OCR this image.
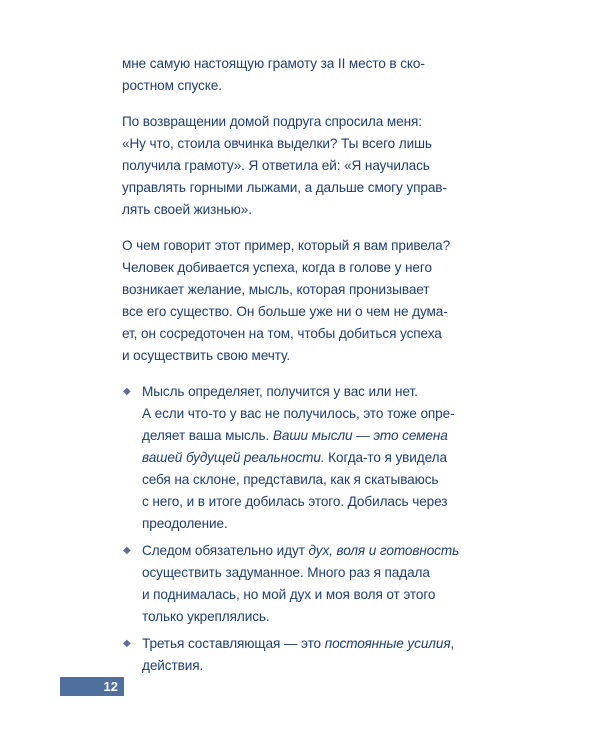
мне самую настоящую грамоту за II место в ско-
ростном спуске.

По возвращении домой подруга спросила меня:
«Ну что, стоила овчинка выделки? Ты всего лишь
получила грамоту». Я ответила ей: «Я научилась
управлять горными лыжами, а дальше смогу управ-
лять своей жизнью».

О чем говорит этот пример, который я вам привела?
Человек добивается успеха, когда в голове у него
возникает желание, мысль, которая пронизывает
все его существо. Он больше уже ни о чем не дума-
ет, он сосредоточен на том, чтобы добиться успеха
и осуществить свою мечту.

◆ Мысль определяет, получится у вас или нет.
А если что-то у вас не получилось, это тоже опре-
деляет ваша мысль. Ваши мысли — это семена
вашей будущей реальности. Когда-то я увидела
себя на склоне, представила, как я скатываюсь
с него, и в итоге добилась этого. Добилась через
преодоление.
◆ Следом обязательно идут дух, воля и готовность
осуществить задуманное. Много раз я падала
и поднималась, но мой дух и моя воля от этого
только укреплялись.
◆ Третья составляющая — это постоянные усилия,
действия.
12
